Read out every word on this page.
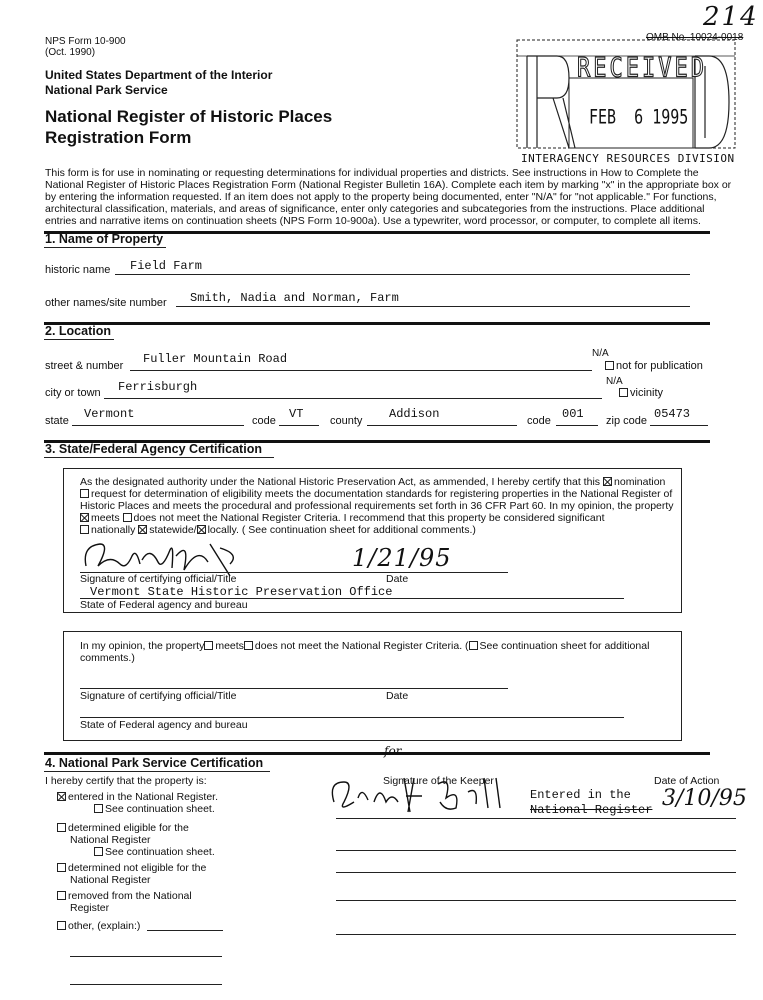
214
NPS Form 10-900
(Oct. 1990)
OMB No. 10024-0018
United States Department of the Interior
National Park Service
National Register of Historic Places
Registration Form
RECEIVED
FEB  6 1995
INTERAGENCY RESOURCES DIVISION
This form is for use in nominating or requesting determinations for individual properties and districts. See instructions in How to Complete the
National Register of Historic Places Registration Form (National Register Bulletin 16A). Complete each item by marking "x" in the appropriate box or
by entering the information requested. If an item does not apply to the property being documented, enter "N/A" for "not applicable." For functions,
architectural classification, materials, and areas of significance, enter only categories and subcategories from the instructions. Place additional
entries and narrative items on continuation sheets (NPS Form 10-900a). Use a typewriter, word processor, or computer, to complete all items.
1. Name of Property
historic name Field Farm
other names/site number Smith, Nadia and Norman, Farm
2. Location
street & number Fuller Mountain Road	N/A
not for publication
city or town Ferrisburgh	N/A
vicinity
state Vermont	code VT county Addison	code 001 zip code 05473
3. State/Federal Agency Certification
As the designated authority under the National Historic Preservation Act, as ammended, I hereby certify that this nomination
request for determination of eligibility meets the documentation standards for registering properties in the National Register of
Historic Places and meets the procedural and professional requirements set forth in 36 CFR Part 60. In my opinion, the property
meets does not meet the National Register Criteria. I recommend that this property be considered significant
nationally statewide/ locally. ( See continuation sheet for additional comments.)
1/21/95
Signature of certifying official/Title	Date
Vermont State Historic Preservation Office
State of Federal agency and bureau
In my opinion, the property meets does not meet the National Register Criteria. ( See continuation sheet for additional
comments.)
Signature of certifying official/Title	Date
State of Federal agency and bureau
4. National Park Service Certification
for
I hereby certify that the property is:	Signature of the Keeper	Date of Action
entered in the National Register.
See continuation sheet.
Entered in the
National Register 3/10/95
determined eligible for the
National Register
See continuation sheet.
determined not eligible for the
National Register
removed from the National
Register
other, (explain:)
